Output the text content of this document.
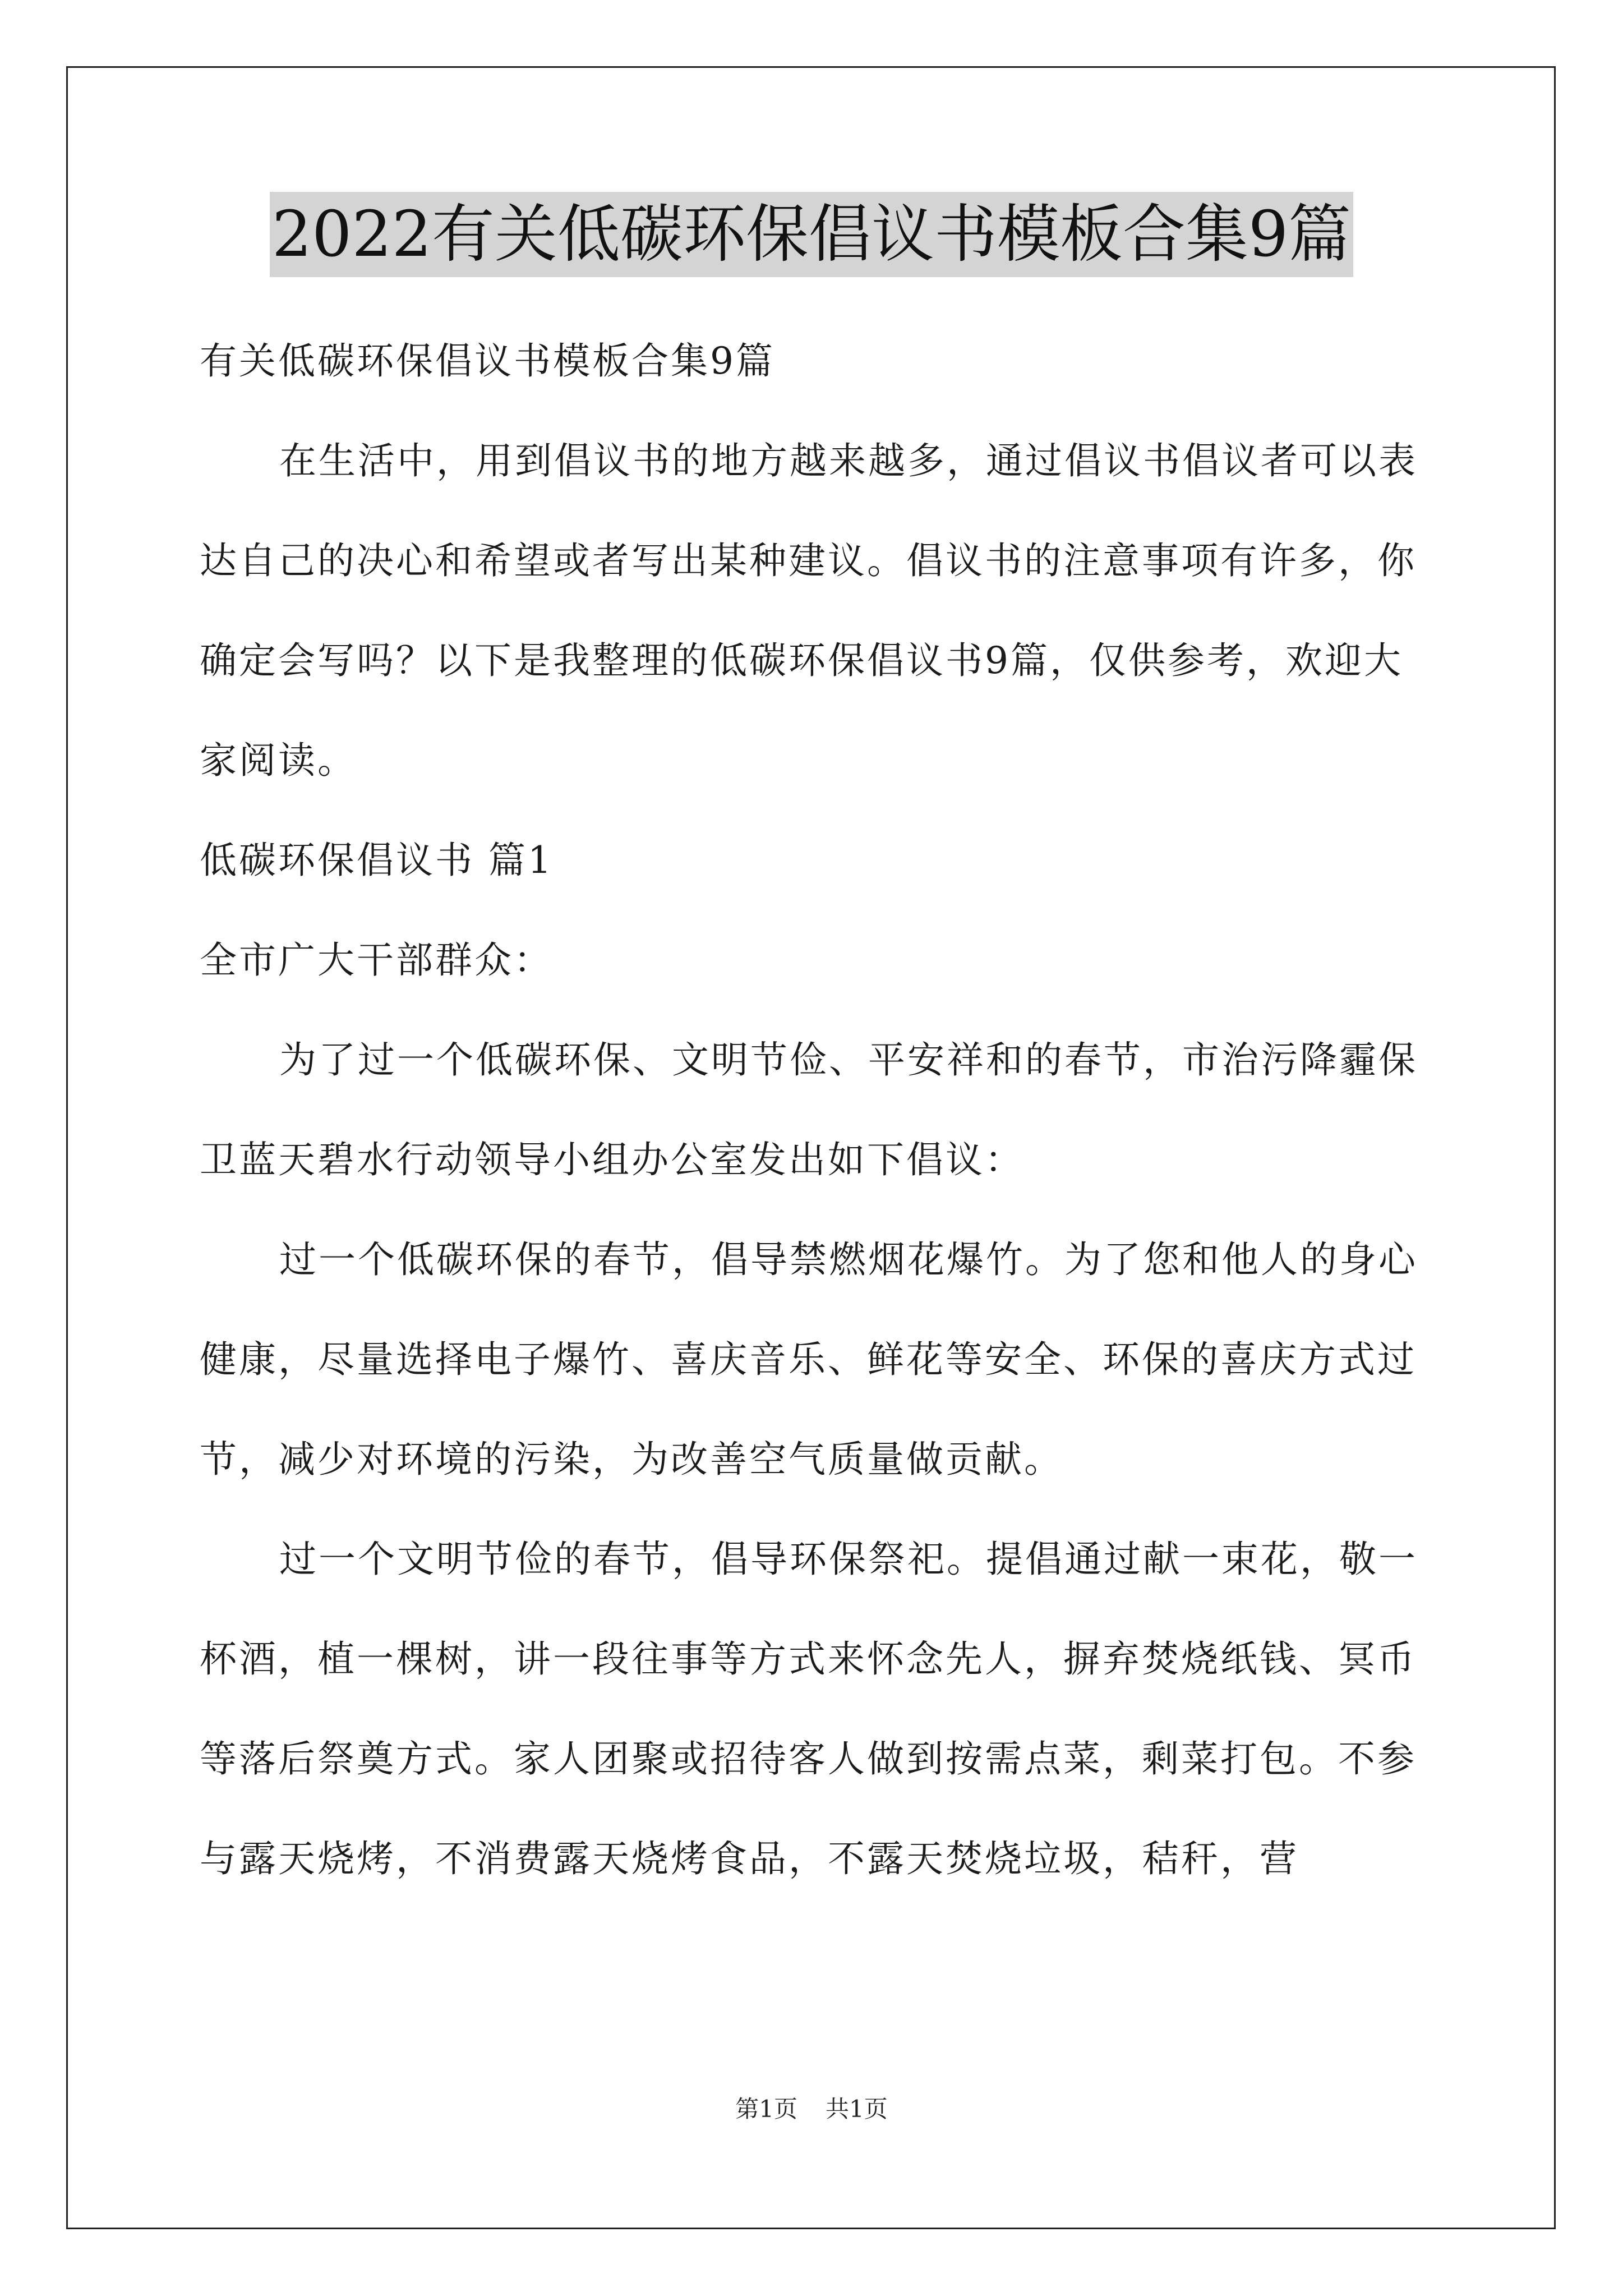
2022有关低碳环保倡议书模板合集9篇

有关低碳环保倡议书模板合集9篇

在生活中，用到倡议书的地方越来越多，通过倡议书倡议者可以表达自己的决心和希望或者写出某种建议。倡议书的注意事项有许多，你确定会写吗？以下是我整理的低碳环保倡议书9篇，仅供参考，欢迎大家阅读。

低碳环保倡议书 篇1

全市广大干部群众：

为了过一个低碳环保、文明节俭、平安祥和的春节，市治污降霾保卫蓝天碧水行动领导小组办公室发出如下倡议：

过一个低碳环保的春节，倡导禁燃烟花爆竹。为了您和他人的身心健康，尽量选择电子爆竹、喜庆音乐、鲜花等安全、环保的喜庆方式过节，减少对环境的污染，为改善空气质量做贡献。

过一个文明节俭的春节，倡导环保祭祀。提倡通过献一束花，敬一杯酒，植一棵树，讲一段往事等方式来怀念先人，摒弃焚烧纸钱、冥币等落后祭奠方式。家人团聚或招待客人做到按需点菜，剩菜打包。不参与露天烧烤，不消费露天烧烤食品，不露天焚烧垃圾，秸秆，营

第1页 共1页
